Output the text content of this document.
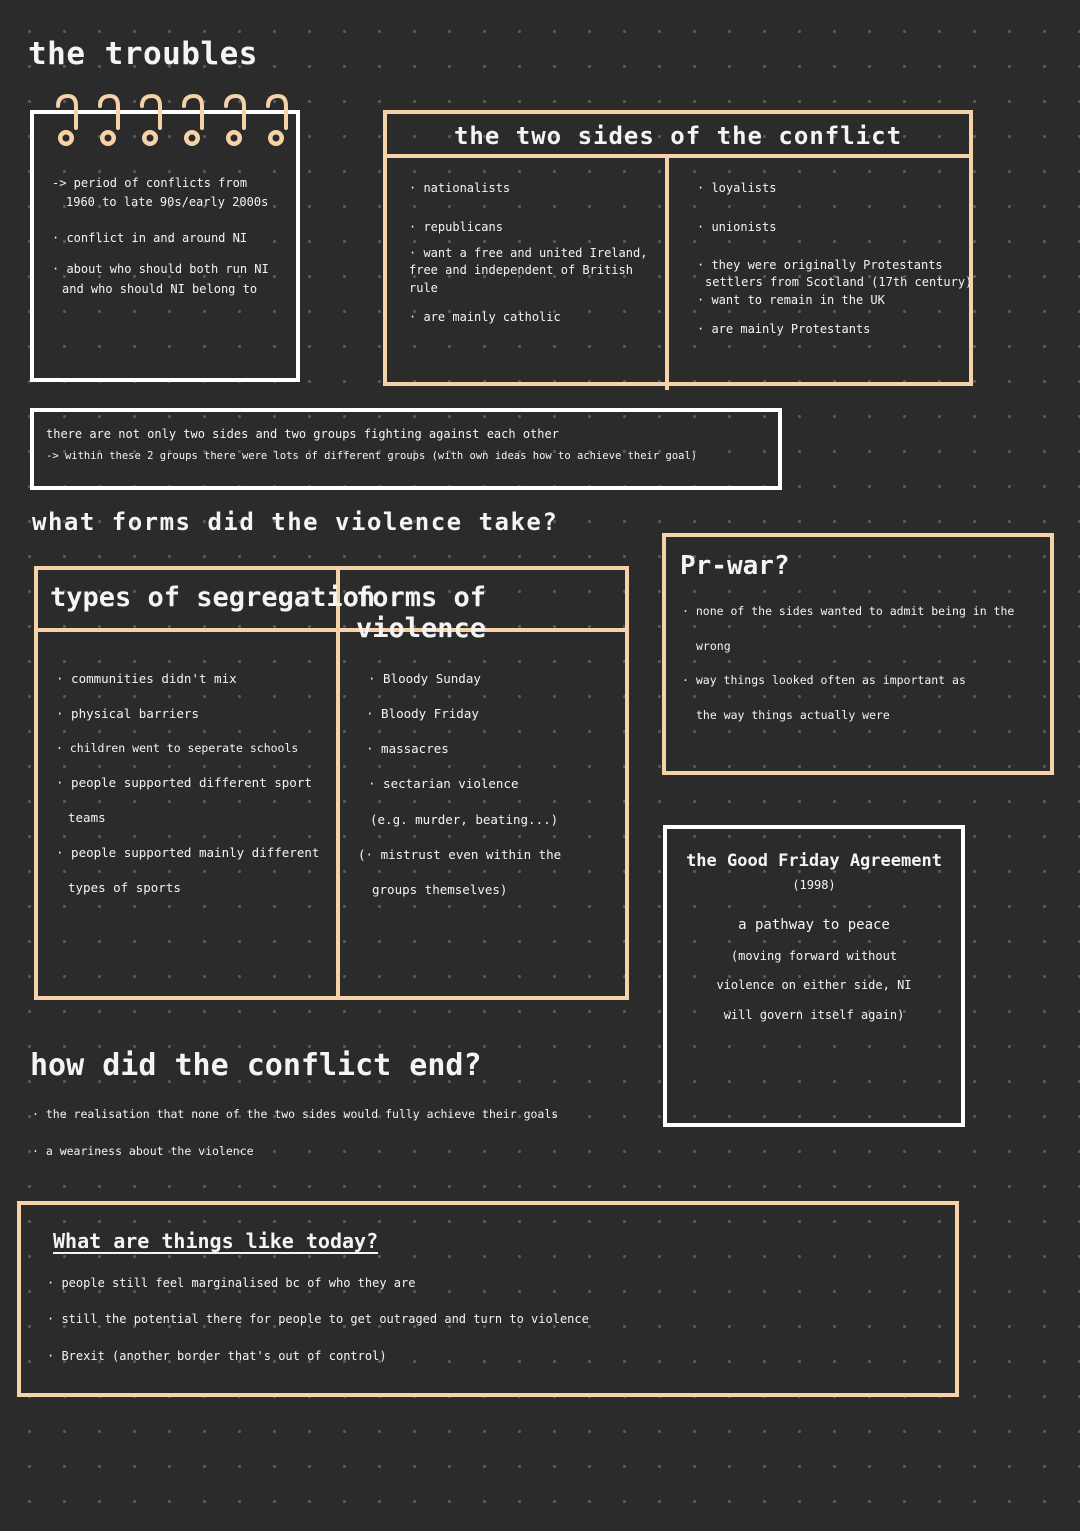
the troubles
-> period of conflicts from
1960 to late 90s/early 2000s
· conflict in and around NI
· about who should both run NI
and who should NI belong to
the two sides of the conflict
· nationalists
· republicans
· want a free and united Ireland,
free and independent of British
rule
· are mainly catholic
· loyalists
· unionists
· they were originally Protestants
settlers from Scotland (17th century)
· want to remain in the UK
· are mainly Protestants
there are not only two sides and two groups fighting against each other
-> within these 2 groups there were lots of different groups (with own ideas how to achieve their goal)
what forms did the violence take?
types of segregation
forms of violence
· communities didn't mix
· physical barriers
· children went to seperate schools
· people supported different sport
teams
· people supported mainly different
types of sports
· Bloody Sunday
· Bloody Friday
· massacres
· sectarian violence
(e.g. murder, beating...)
(· mistrust even within the
groups themselves)
Pr-war?
· none of the sides wanted to admit being in the
wrong
· way things looked often as important as
the way things actually were
the Good Friday Agreement
(1998)
a pathway to peace
(moving forward without
violence on either side, NI
will govern itself again)
how did the conflict end?
· the realisation that none of the two sides would fully achieve their goals
· a weariness about the violence
What are things like today?
· people still feel marginalised bc of who they are
· still the potential there for people to get outraged and turn to violence
· Brexit (another border that's out of control)
